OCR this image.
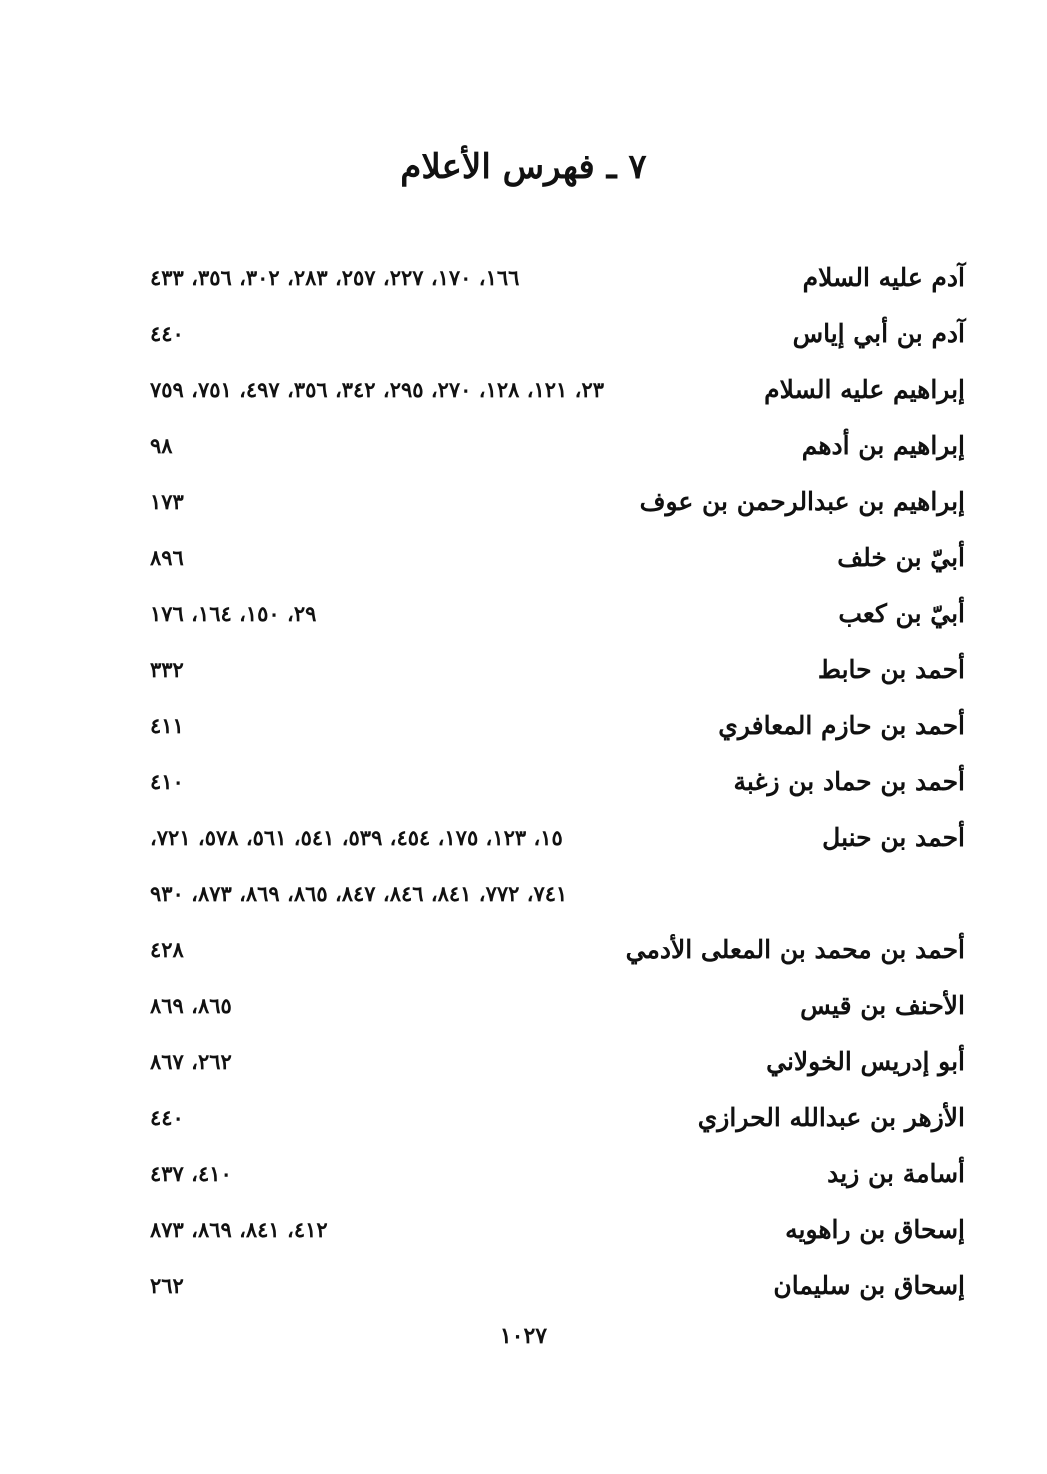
٧ ـ فهرس الأعلام
آدم عليه السلام
١٦٦، ١٧٠، ٢٢٧، ٢٥٧، ٢٨٣، ٣٠٢، ٣٥٦، ٤٣٣
آدم بن أبي إياس
٤٤٠
إبراهيم عليه السلام
٢٣، ١٢١، ١٢٨، ٢٧٠، ٢٩٥، ٣٤٢، ٣٥٦، ٤٩٧، ٧٥١، ٧٥٩
إبراهيم بن أدهم
٩٨
إبراهيم بن عبدالرحمن بن عوف
١٧٣
أبيّ بن خلف
٨٩٦
أبيّ بن كعب
٢٩، ١٥٠، ١٦٤، ١٧٦
أحمد بن حابط
٣٣٢
أحمد بن حازم المعافري
٤١١
أحمد بن حماد بن زغبة
٤١٠
أحمد بن حنبل
١٥، ١٢٣، ١٧٥، ٤٥٤، ٥٣٩، ٥٤١، ٥٦١، ٥٧٨، ٧٢١،
٧٤١، ٧٧٢، ٨٤١، ٨٤٦، ٨٤٧، ٨٦٥، ٨٦٩، ٨٧٣، ٩٣٠
أحمد بن محمد بن المعلى الأدمي
٤٢٨
الأحنف بن قيس
٨٦٥، ٨٦٩
أبو إدريس الخولاني
٢٦٢، ٨٦٧
الأزهر بن عبدالله الحرازي
٤٤٠
أسامة بن زيد
٤١٠، ٤٣٧
إسحاق بن راهويه
٤١٢، ٨٤١، ٨٦٩، ٨٧٣
إسحاق بن سليمان
٢٦٢
١٠٢٧
